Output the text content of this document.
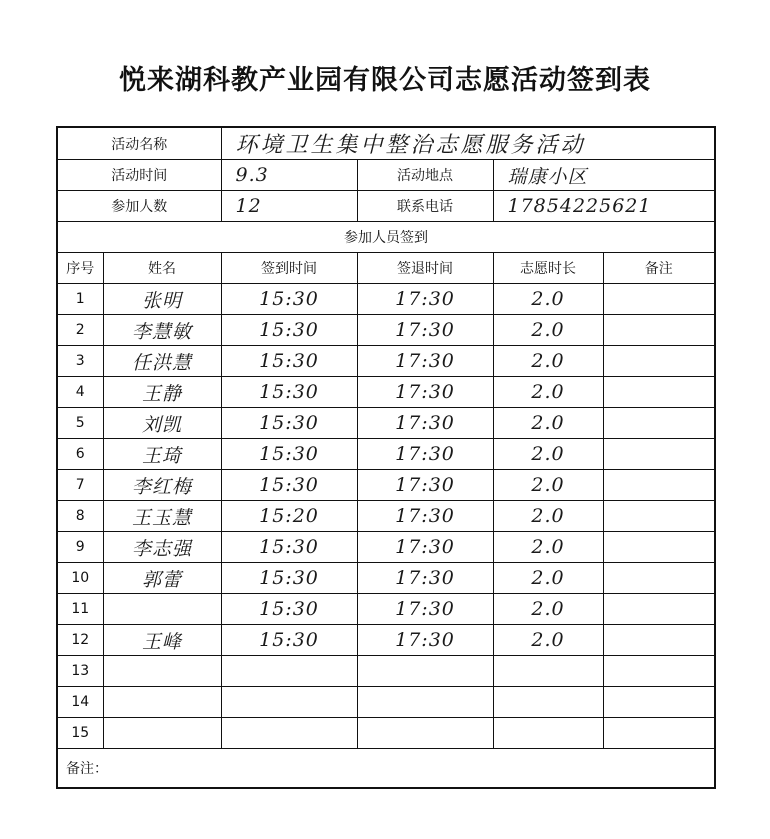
悦来湖科教产业园有限公司志愿活动签到表
活动名称		环境卫生集中整治志愿服务活动			
活动时间		9.3	活动地点	瑞康小区	
参加人数		12	联系电话	17854225621	
参加人员签到					
序号	姓名	签到时间	签退时间	志愿时长	备注
1	张明	15:30	17:30	2.0	
2	李慧敏	15:30	17:30	2.0	
3	任洪慧	15:30	17:30	2.0	
4	王静	15:30	17:30	2.0	
5	刘凯	15:30	17:30	2.0	
6	王琦	15:30	17:30	2.0	
7	李红梅	15:30	17:30	2.0	
8	王玉慧	15:20	17:30	2.0	
9	李志强	15:30	17:30	2.0	
10	郭蕾	15:30	17:30	2.0	
11		15:30	17:30	2.0	
12	王峰	15:30	17:30	2.0	
13					
14					
15					
备注：					
